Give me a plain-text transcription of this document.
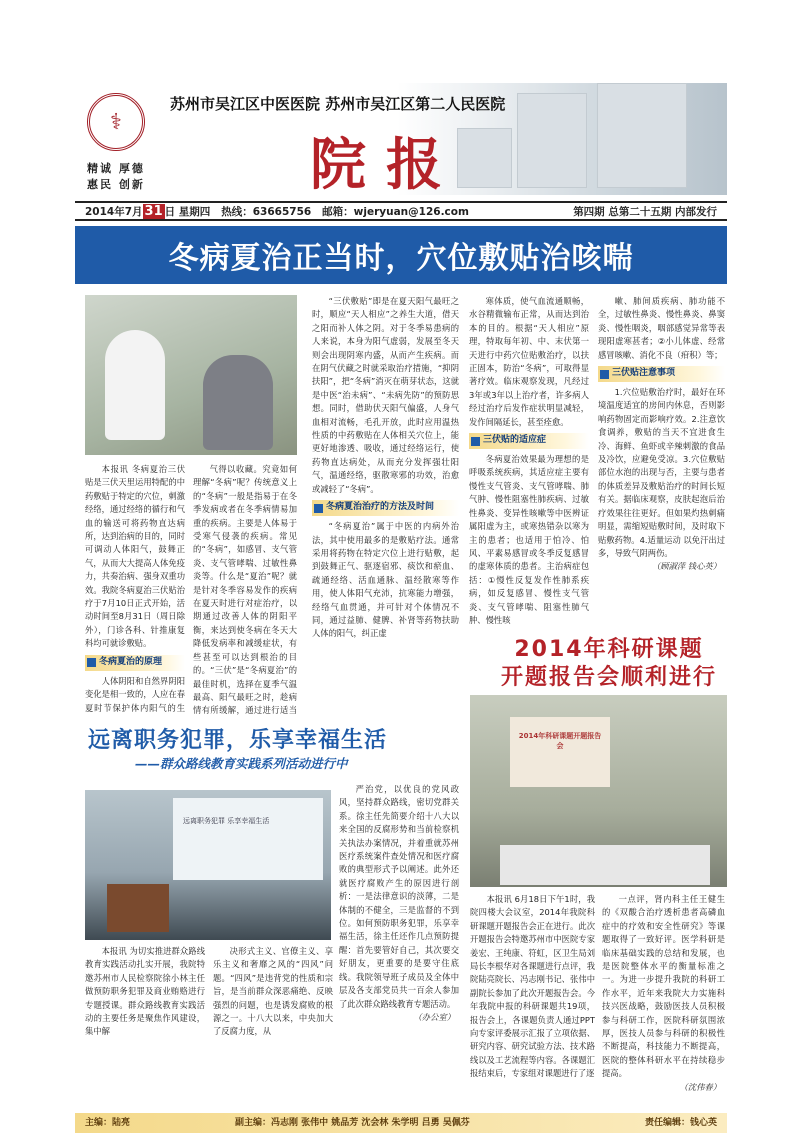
⚕
精诚 厚德
惠民 创新
苏州市吴江区中医医院 苏州市吴江区第二人民医院
院报
2014年7月 31 日 星期四 热线：63665756 邮箱：wjeryuan@126.com	第四期 总第二十五期 内部发行
冬病夏治正当时，穴位敷贴治咳喘

本报讯 冬病夏治三伏贴是三伏天里运用特配的中药敷贴于特定的穴位，刺激经络，通过经络的循行和气血的输送可将药物直达病所，达到治病的目的，同时可调动人体阳气，鼓舞正气，从而大大提高人体免疫力，共奏治病、强身双重功效。我院冬病夏治三伏贴治疗于7月10日正式开始，活动时间至8月31日（周日除外），门诊各科、针推康复科均可就诊敷贴。

冬病夏治的原理

人体阴阳和自然界阴阳变化是相一致的，人应在春夏时节保护体内阳气的生

气得以收藏。究竟如何理解“冬病”呢？传统意义上的“冬病”一般是指易于在冬季发病或者在冬季病情易加重的疾病。主要是人体易于受寒气侵袭的疾病。常见的“冬病”，如感冒、支气管炎、支气管哮喘、过敏性鼻炎等。什么是“夏治”呢？就是针对冬季容易发作的疾病在夏天时进行对症治疗，以期通过改善人体的阴阳平衡，来达到使冬病在冬天大降低发病率和减缓症状，有些甚至可以达到根治的目的。“三伏”是“冬病夏治”的最佳时机，选择在夏季气温最高、阳气最旺之时，趁病情有所缓解，通过进行适当

“三伏敷贴”即是在夏天阳气最旺之时，顺应“天人相应”之养生大道，借天之阳而补人体之阴。对于冬季易患病的人来说，本身为阳气虚弱，发展至冬天则会出现阴寒内盛，从而产生疾病。而在阴气伏藏之时就采取治疗措施，“抑阴扶阳”，把“冬病”消灭在萌芽状态，这就是中医“治未病”、“未病先防”的预防思想。同时，借助伏天阳气偏盛，人身气血相对流畅，毛孔开放，此时应用温热性质的中药敷贴在人体相关穴位上，能更好地渗透、吸收，通过经络运行，使药物直达病处，从而充分发挥强壮阳气，温通经络，驱散寒邪的功效，治愈或减轻了“冬病”。

冬病夏治治疗的方法及时间

“冬病夏治”属于中医的内病外治法，其中使用最多的是敷贴疗法。通常采用将药物在特定穴位上进行贴敷，起到鼓舞正气、驱逐宿邪、痰饮和瘀血、疏通经络、活血通脉、温经散寒等作用，使人体阳气充沛，抗寒能力增强，经络气血贯通，并可针对个体情况不同，通过益肺、健脾、补肾等药物扶助人体的阳气，纠正虚

寒体质，使气血流通顺畅，水谷精微输布正常，从而达到治本的目的。根据“天人相应”原理，特取每年初、中、末伏第一天进行中药穴位贴敷治疗，以扶正固本，防治“冬病”，可取得显著疗效。临床观察发现，凡经过3年或3年以上治疗者，许多病人经过治疗后发作症状明显减轻，发作间隔延长，甚至痊愈。

三伏贴的适应症

冬病夏治效果最为理想的是呼吸系统疾病，其适应症主要有慢性支气管炎、支气管哮喘、肺气肿、慢性阻塞性肺疾病、过敏性鼻炎、变异性咳嗽等中医辨证属阳虚为主，或寒热错杂以寒为主的患者；也适用于怕冷、怕风、平素易感冒或冬季反复感冒的虚寒体质的患者。主治病症包括：①慢性反复发作性肺系疾病，如反复感冒、慢性支气管炎、支气管哮喘、阻塞性肺气肿、慢性咳

嗽、肺间质疾病、肺功能不全，过敏性鼻炎、慢性鼻炎、鼻窦炎、慢性咽炎，咽部感觉异常等表现阳虚寒甚者；②小儿体虚、经常感冒咳嗽、消化不良（疳积）等；

三伏贴注意事项

1.穴位贴敷治疗时，最好在环境温度适宜的房间内休息，否则影响药物固定而影响疗效。2.注意饮食调养，敷贴的当天不宜进食生冷、海鲜、鱼虾或辛辣刺激的食品及冷饮，应避免受凉。3.穴位敷贴部位水泡的出现与否，主要与患者的体质差异及敷贴治疗的时间长短有关。据临床观察，皮肤起泡后治疗效果往往更好。但如果灼热刺痛明显，需缩短贴敷时间，及时取下贴敷药物。4.适量运动 以免汗出过多，导致气阴两伤。

（顾淑萍 钱心英）
远离职务犯罪，乐享幸福生活
——群众路线教育实践系列活动进行中
远离职务犯罪 乐享幸福生活

本报讯 为切实推进群众路线教育实践活动扎实开展，我院特邀苏州市人民检察院徐小林主任做预防职务犯罪及商业贿赂进行专题授课。群众路线教育实践活动的主要任务是聚焦作风建设，集中解

决形式主义、官僚主义、享乐主义和奢靡之风的“四风”问题。“四风”是违背党的性质和宗旨，是当前群众深恶痛绝、反映强烈的问题，也是诱发腐败的根源之一。十八大以来，中央加大了反腐力度，从

严治党，以优良的党风政风，坚持群众路线，密切党群关系。徐主任先简要介绍十八大以来全国的反腐形势和当前检察机关执法办案情况，并着重就苏州医疗系统案件查处情况和医疗腐败的典型形式予以阐述。此外还就医疗腐败产生的原因进行剖析：一是法律意识的淡薄，二是体制的不健全，三是监督的不到位。如何预防职务犯罪，乐享幸福生活，徐主任还作几点预防提醒：首先要管好自己，其次要交好朋友，更重要的是要守住底线。我院领导班子成员及全体中层及各支部党员共一百余人参加了此次群众路线教育专题活动。

（办公室）
2014年科研课题
开题报告会顺利进行
2014年科研课题开题报告会

本报讯 6月18日下午1时，我院四楼大会议室，2014年我院科研课题开题报告会正在进行。此次开题报告会特邀苏州市中医院专家姜宏、王纯康、符虹，区卫生局刘局长李根华对各课题进行点评，我院陆亮院长、冯志刚书记、张伟中副院长参加了此次开题报告会。今年我院申报的科研课题共19项，报告会上，各课题负责人通过PPT向专家评委展示汇报了立项依据、研究内容、研究试验方法、技术路线以及工艺流程等内容。各课题汇报结束后，专家组对课题进行了逐

一点评，肾内科主任王健生的《双酸合治疗透析患者高磷血症中的疗效和安全性研究》等课题取得了一致好评。医学科研是临床基础实践的总结和发展，也是医院整体水平的衡量标准之一。为进一步提升我院的科研工作水平，近年来我院大力实施科技兴医战略，鼓励医技人员积极参与科研工作，医院科研氛围浓厚，医技人员参与科研的积极性不断提高，科技能力不断提高，医院的整体科研水平在持续稳步提高。

（沈伟春）
主编：陆亮	副主编：冯志刚 张伟中 姚品芳 沈会林 朱学明 吕勇 吴佩芬	责任编辑：钱心英
